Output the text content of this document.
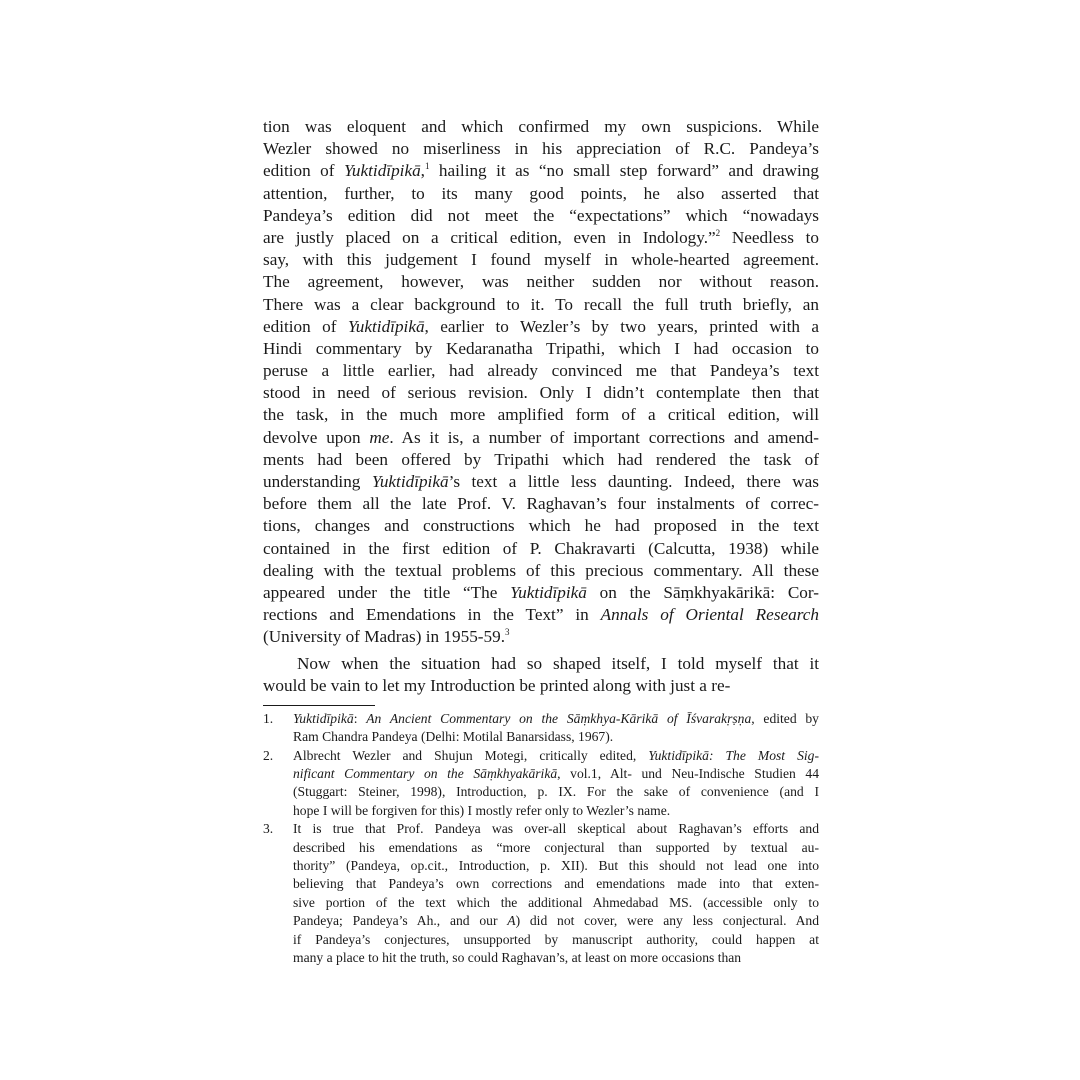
tion was eloquent and which confirmed my own suspicions. While
Wezler showed no miserliness in his appreciation of R.C. Pandeya’s
edition of Yuktidīpikā,$^1$ hailing it as “no small step forward” and drawing
attention, further, to its many good points, he also asserted that
Pandeya’s edition did not meet the “expectations” which “nowadays
are justly placed on a critical edition, even in Indology.”$^2$ Needless to
say, with this judgement I found myself in whole-hearted agreement.
The agreement, however, was neither sudden nor without reason.
There was a clear background to it. To recall the full truth briefly, an
edition of Yuktidīpikā, earlier to Wezler’s by two years, printed with a
Hindi commentary by Kedaranatha Tripathi, which I had occasion to
peruse a little earlier, had already convinced me that Pandeya’s text
stood in need of serious revision. Only I didn’t contemplate then that
the task, in the much more amplified form of a critical edition, will
devolve upon me. As it is, a number of important corrections and amend-
ments had been offered by Tripathi which had rendered the task of
understanding Yuktidīpikā’s text a little less daunting. Indeed, there was
before them all the late Prof. V. Raghavan’s four instalments of correc-
tions, changes and constructions which he had proposed in the text
contained in the first edition of P. Chakravarti (Calcutta, 1938) while
dealing with the textual problems of this precious commentary. All these
appeared under the title “The Yuktidīpikā on the Sāṃkhyakārikā: Cor-
rections and Emendations in the Text” in Annals of Oriental Research
(University of Madras) in 1955-59.$^3$
Now when the situation had so shaped itself, I told myself that it
would be vain to let my Introduction be printed along with just a re-
1.	Yuktidīpikā: An Ancient Commentary on the Sāṃkhya-Kārikā of Īśvarakṛṣṇa, edited by
Ram Chandra Pandeya (Delhi: Motilal Banarsidass, 1967).
2.	Albrecht Wezler and Shujun Motegi, critically edited, Yuktidīpikā: The Most Sig-
nificant Commentary on the Sāṃkhyakārikā, vol.1, Alt- und Neu-Indische Studien 44
(Stuggart: Steiner, 1998), Introduction, p. IX. For the sake of convenience (and I
hope I will be forgiven for this) I mostly refer only to Wezler’s name.
3.	It is true that Prof. Pandeya was over-all skeptical about Raghavan’s efforts and
described his emendations as “more conjectural than supported by textual au-
thority” (Pandeya, op.cit., Introduction, p. XII). But this should not lead one into
believing that Pandeya’s own corrections and emendations made into that exten-
sive portion of the text which the additional Ahmedabad MS. (accessible only to
Pandeya; Pandeya’s Ah., and our A) did not cover, were any less conjectural. And
if Pandeya’s conjectures, unsupported by manuscript authority, could happen at
many a place to hit the truth, so could Raghavan’s, at least on more occasions than
